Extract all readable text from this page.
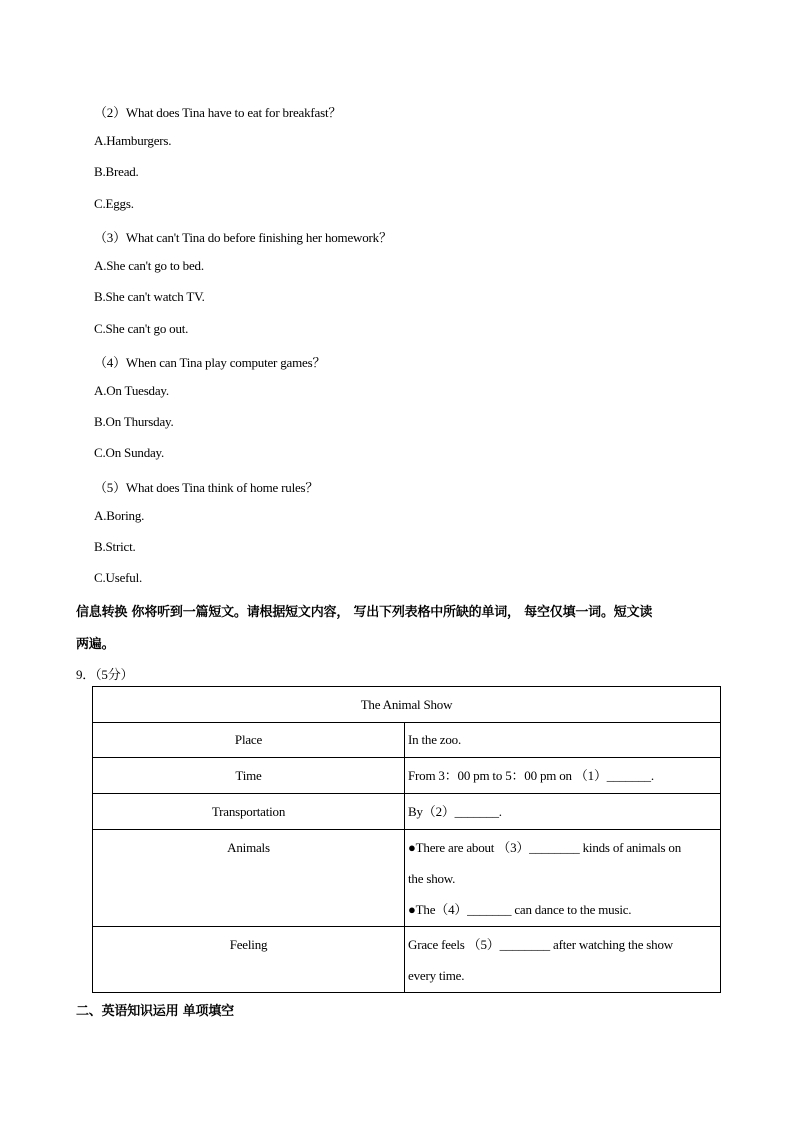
（2）What does Tina have to eat for breakfast？
A.Hamburgers.
B.Bread.
C.Eggs.
（3）What can't Tina do before finishing her homework？
A.She can't go to bed.
B.She can't watch TV.
C.She can't go out.
（4）When can Tina play computer games？
A.On Tuesday.
B.On Thursday.
C.On Sunday.
（5）What does Tina think of home rules？
A.Boring.
B.Strict.
C.Useful.
信息转换 你将听到一篇短文。请根据短文内容， 写出下列表格中所缺的单词， 每空仅填一词。短文读
两遍。
9．（5分）
The Animal Show	

Place	In the zoo.

Time	From 3：00 pm to 5：00 pm on （1）_______.

Transportation	By（2）_______.

Animals	●There are about （3）________ kinds of animals on
the show.
●The（4）_______ can dance to the music.

Feeling	Grace feels （5）________ after watching the show
every time.
二、英语知识运用 单项填空
